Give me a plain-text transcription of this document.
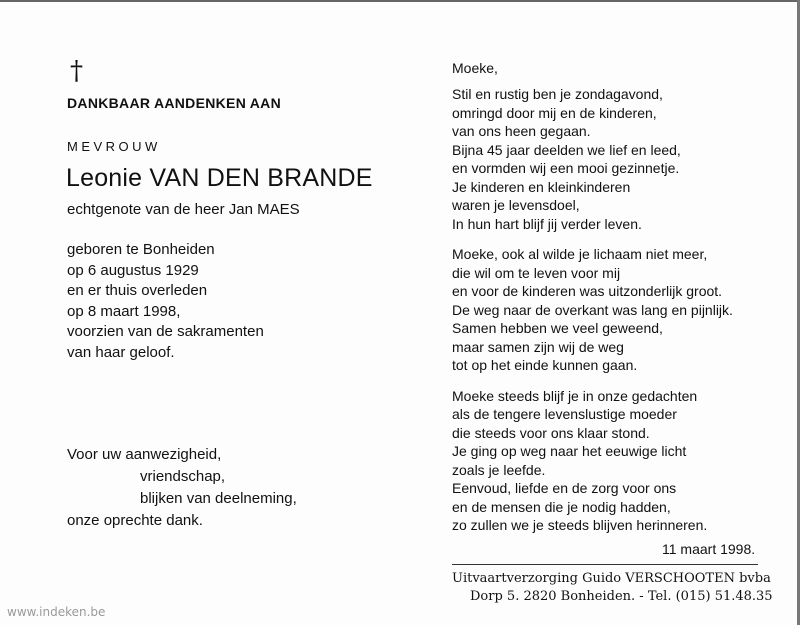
†
DANKBAAR AANDENKEN AAN
MEVROUW
Leonie VAN DEN BRANDE
echtgenote van de heer Jan MAES
geboren te Bonheiden
op 6 augustus 1929
en er thuis overleden
op 8 maart 1998,
voorzien van de sakramenten
van haar geloof.
Voor uw aanwezigheid,
vriendschap,
blijken van deelneming,
onze oprechte dank.
Moeke,
Stil en rustig ben je zondagavond,
omringd door mij en de kinderen,
van ons heen gegaan.
Bijna 45 jaar deelden we lief en leed,
en vormden wij een mooi gezinnetje.
Je kinderen en kleinkinderen
waren je levensdoel,
In hun hart blijf jij verder leven.
Moeke, ook al wilde je lichaam niet meer,
die wil om te leven voor mij
en voor de kinderen was uitzonderlijk groot.
De weg naar de overkant was lang en pijnlijk.
Samen hebben we veel geweend,
maar samen zijn wij de weg
tot op het einde kunnen gaan.
Moeke steeds blijf je in onze gedachten
als de tengere levenslustige moeder
die steeds voor ons klaar stond.
Je ging op weg naar het eeuwige licht
zoals je leefde.
Eenvoud, liefde en de zorg voor ons
en de mensen die je nodig hadden,
zo zullen we je steeds blijven herinneren.
11 maart 1998.
Uitvaartverzorging Guido VERSCHOOTEN bvba
Dorp 5. 2820 Bonheiden. - Tel. (015) 51.48.35
www.indeken.be
